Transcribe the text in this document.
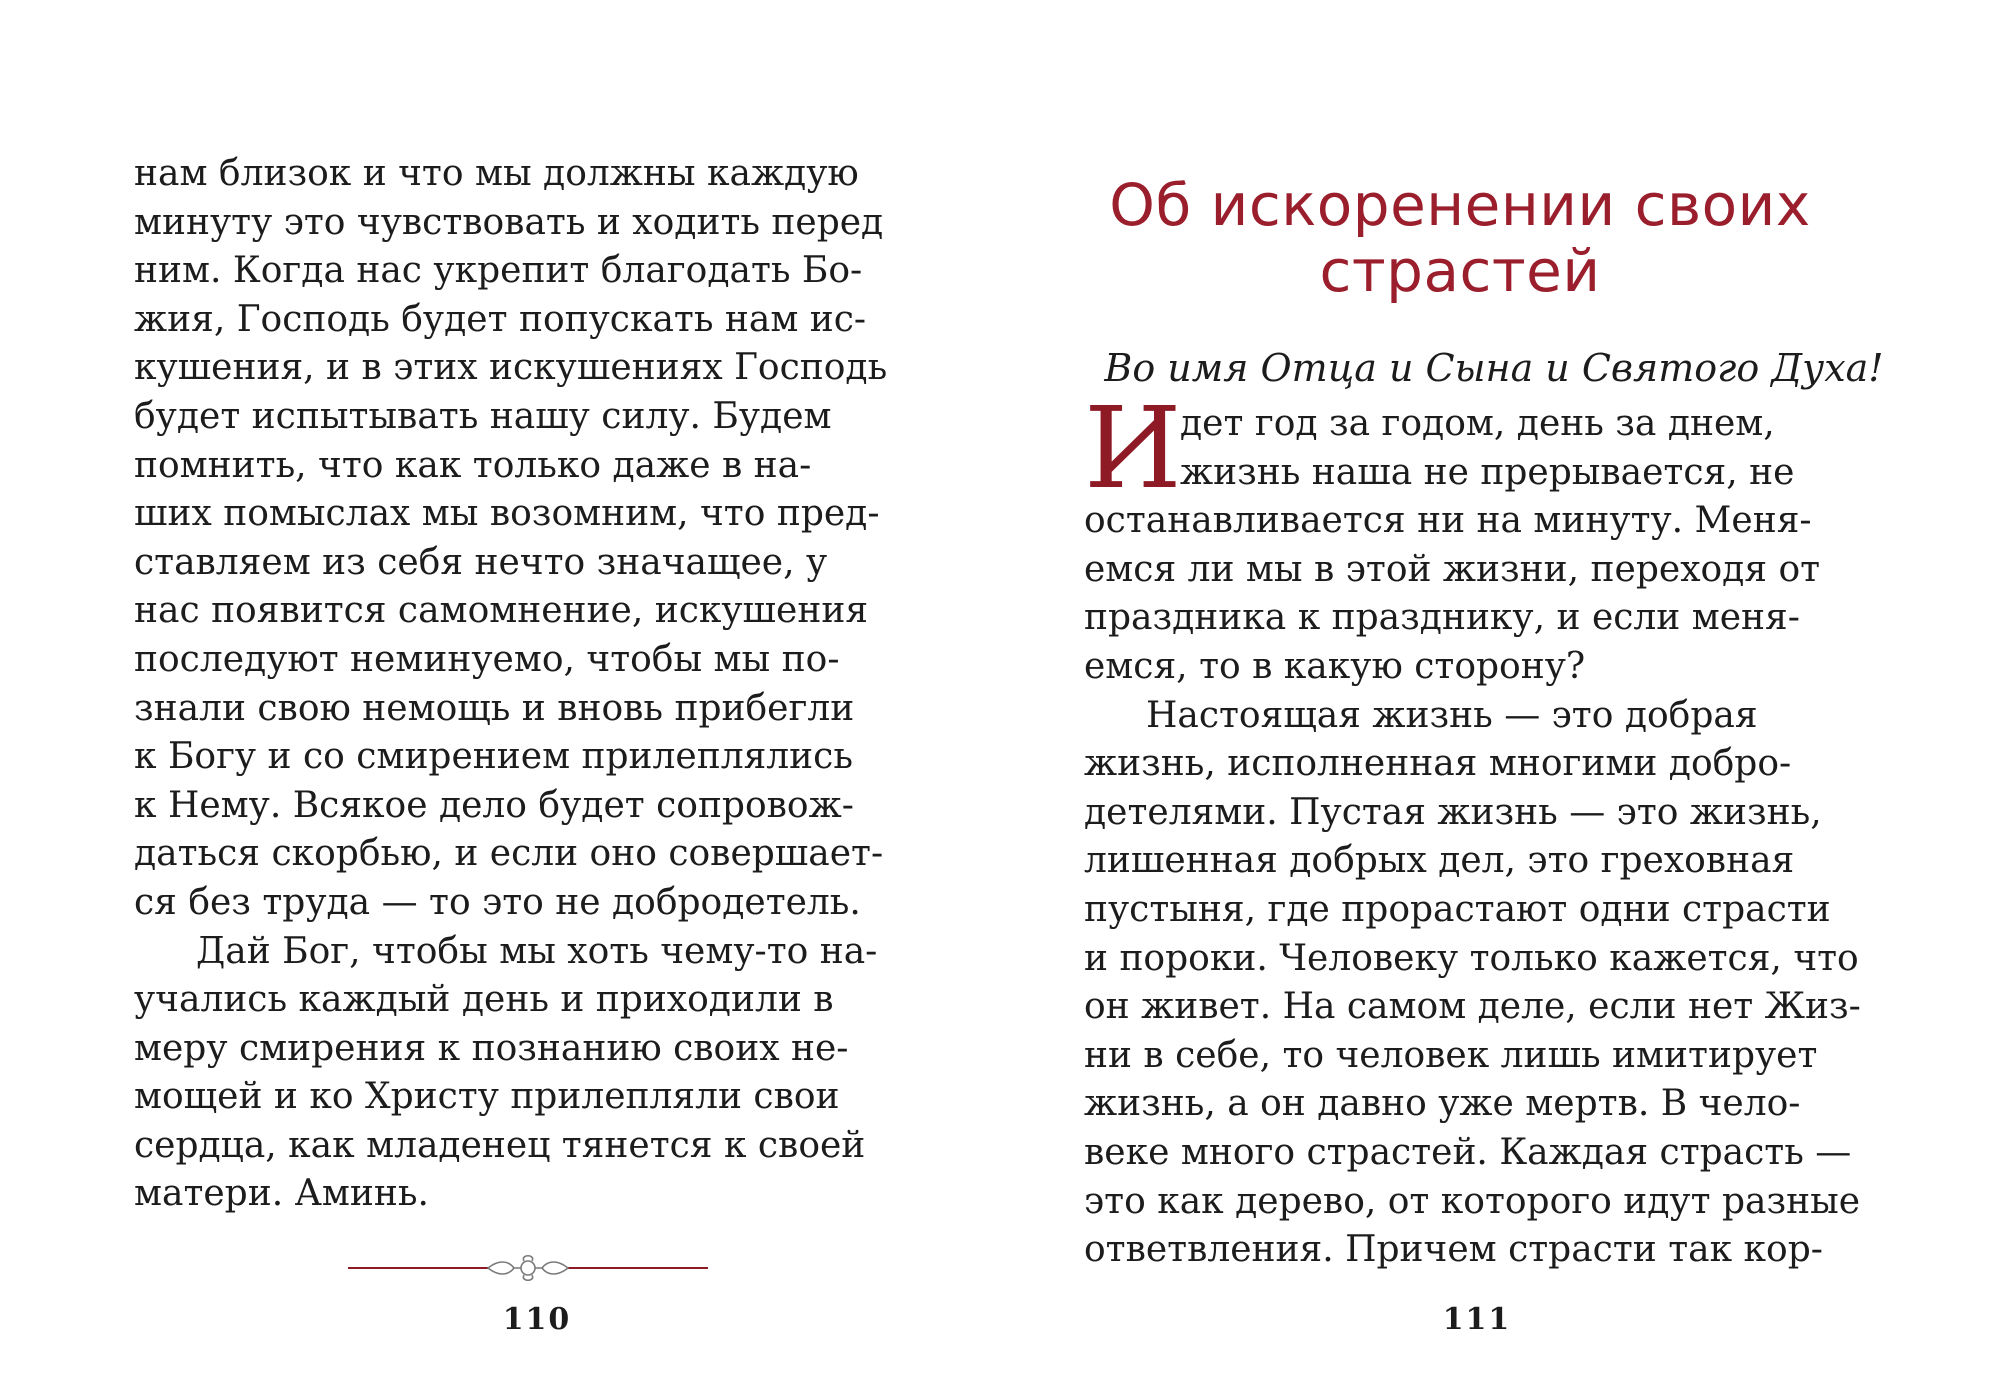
нам близок и что мы должны каждую
минуту это чувствовать и ходить перед
ним. Когда нас укрепит благодать Бо-
жия, Господь будет попускать нам ис-
кушения, и в этих искушениях Господь
будет испытывать нашу силу. Будем
помнить, что как только даже в на-
ших помыслах мы возомним, что пред-
ставляем из себя нечто значащее, у
нас появится самомнение, искушения
последуют неминуемо, чтобы мы по-
знали свою немощь и вновь прибегли
к Богу и со смирением прилеплялись
к Нему. Всякое дело будет сопровож-
даться скорбью, и если оно совершает-
ся без труда — то это не добродетель.
Дай Бог, чтобы мы хоть чему-то на-
учались каждый день и приходили в
меру смирения к познанию своих не-
мощей и ко Христу прилепляли свои
сердца, как младенец тянется к своей
матери. Аминь.
110
Об искоренении своих
страстей
Во имя Отца и Сына и Святого Духа!
И
дет год за годом, день за днем,
жизнь наша не прерывается, не
останавливается ни на минуту. Меня-
емся ли мы в этой жизни, переходя от
праздника к празднику, и если меня-
емся, то в какую сторону?
Настоящая жизнь — это добрая
жизнь, исполненная многими добро-
детелями. Пустая жизнь — это жизнь,
лишенная добрых дел, это греховная
пустыня, где прорастают одни страсти
и пороки. Человеку только кажется, что
он живет. На самом деле, если нет Жиз-
ни в себе, то человек лишь имитирует
жизнь, а он давно уже мертв. В чело-
веке много страстей. Каждая страсть —
это как дерево, от которого идут разные
ответвления. Причем страсти так кор-
111
